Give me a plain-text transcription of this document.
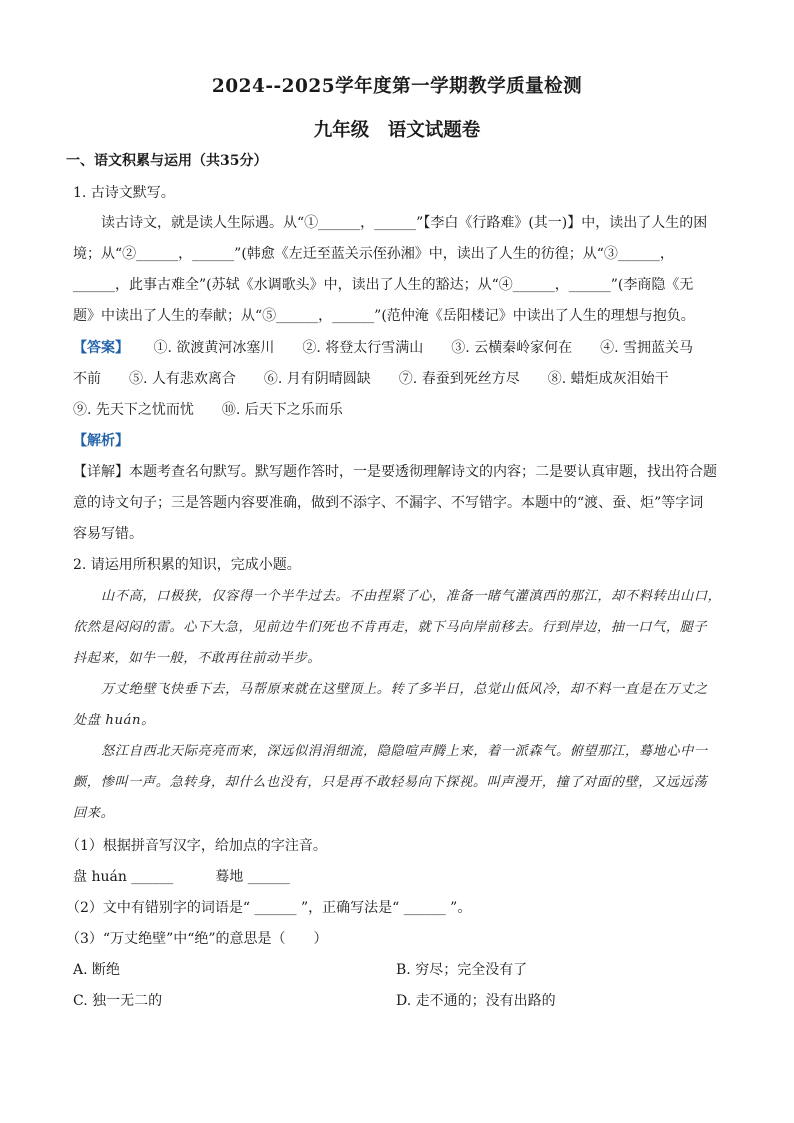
2024--2025学年度第一学期教学质量检测
九年级　语文试题卷
一、语文积累与运用（共35分）
1. 古诗文默写。
读古诗文，就是读人生际遇。从“①______，______”【李白《行路难》(其一)】中，读出了人生的困
境；从“②______，______”(韩愈《左迁至蓝关示侄孙湘》中，读出了人生的彷徨；从“③______，
______，此事古难全”(苏轼《水调歌头》中，读出了人生的豁达；从“④______，______”(李商隐《无
题》中读出了人生的奉献；从“⑤______，______”(范仲淹《岳阳楼记》中读出了人生的理想与抱负。
【答案】 ①. 欲渡黄河冰塞川　　②. 将登太行雪满山　　③. 云横秦岭家何在　　④. 雪拥蓝关马
不前　　⑤. 人有悲欢离合　　⑥. 月有阴晴圆缺　　⑦. 春蚕到死丝方尽　　⑧. 蜡炬成灰泪始干
⑨. 先天下之忧而忧　　⑩. 后天下之乐而乐
【解析】
【详解】本题考查名句默写。默写题作答时，一是要透彻理解诗文的内容；二是要认真审题，找出符合题
意的诗文句子；三是答题内容要准确，做到不添字、不漏字、不写错字。本题中的“渡、蚕、炬”等字词
容易写错。
2. 请运用所积累的知识，完成小题。
山不高，口极狭，仅容得一个半牛过去。不由捏紧了心，准备一睹气灌滇西的那江，却不料转出山口，
依然是闷闷的雷。心下大急，见前边牛们死也不肯再走，就下马向岸前移去。行到岸边，抽一口气，腿子
抖起来，如牛一般，不敢再往前动半步。
万丈绝壁飞快垂下去，马帮原来就在这壁顶上。转了多半日，总觉山低风冷，却不料一直是在万丈之
处盘 huán。
怒江自西北天际亮亮而来，深远似涓涓细流，隐隐喧声腾上来，着一派森气。俯望那江，蓦地心中一
颤，惨叫一声。急转身，却什么也没有，只是再不敢轻易向下探视。叫声漫开，撞了对面的壁，又远远荡
回来。
（1）根据拼音写汉字，给加点的字注音。
盘 huán ______　　　蓦地 ______
（2）文中有错别字的词语是“ ______ ”，正确写法是“ ______ ”。
（3）“万丈绝壁”中“绝”的意思是（　　）
A. 断绝	B. 穷尽；完全没有了
C. 独一无二的	D. 走不通的；没有出路的
